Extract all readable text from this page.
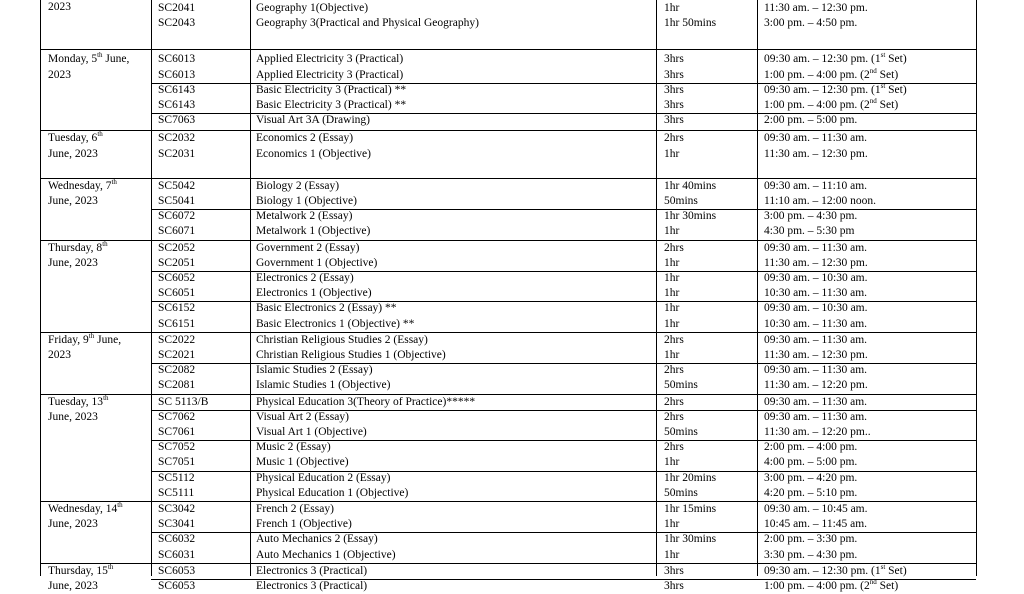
2023	SC2041	Geography 1(Objective)	1hr	11:30 am. – 12:30 pm.
SC2043	Geography 3(Practical and Physical Geography)	1hr 50mins	3:00 pm. – 4:50 pm.
Monday, 5th June,
2023
SC6013	Applied Electricity 3 (Practical)	3hrs	09:30 am. – 12:30 pm. (1st Set)
SC6013	Applied Electricity 3 (Practical)	3hrs	1:00 pm. – 4:00 pm. (2nd Set)
SC6143	Basic Electricity 3 (Practical) **	3hrs	09:30 am. – 12:30 pm. (1st Set)
SC6143	Basic Electricity 3 (Practical) **	3hrs	1:00 pm. – 4:00 pm. (2nd Set)
SC7063	Visual Art 3A (Drawing)	3hrs	2:00 pm. – 5:00 pm.
Tuesday, 6th
June, 2023
SC2032	Economics 2 (Essay)	2hrs	09:30 am. – 11:30 am.
SC2031	Economics 1 (Objective)	1hr	11:30 am. – 12:30 pm.
Wednesday, 7th
June, 2023
SC5042	Biology 2 (Essay)	1hr 40mins	09:30 am. – 11:10 am.
SC5041	Biology 1 (Objective)	50mins	11:10 am. – 12:00 noon.
SC6072	Metalwork 2 (Essay)	1hr 30mins	3:00 pm. – 4:30 pm.
SC6071	Metalwork 1 (Objective)	1hr	4:30 pm. – 5:30 pm
Thursday, 8th
June, 2023
SC2052	Government 2 (Essay)	2hrs	09:30 am. – 11:30 am.
SC2051	Government 1 (Objective)	1hr	11:30 am. – 12:30 pm.
SC6052	Electronics 2 (Essay)	1hr	09:30 am. – 10:30 am.
SC6051	Electronics 1 (Objective)	1hr	10:30 am. – 11:30 am.
SC6152	Basic Electronics 2 (Essay) **	1hr	09:30 am. – 10:30 am.
SC6151	Basic Electronics 1 (Objective) **	1hr	10:30 am. – 11:30 am.
Friday, 9th June,
2023
SC2022	Christian Religious Studies 2 (Essay)	2hrs	09:30 am. – 11:30 am.
SC2021	Christian Religious Studies 1 (Objective)	1hr	11:30 am. – 12:30 pm.
SC2082	Islamic Studies 2 (Essay)	2hrs	09:30 am. – 11:30 am.
SC2081	Islamic Studies 1 (Objective)	50mins	11:30 am. – 12:20 pm.
Tuesday, 13th
June, 2023
SC 5113/B	Physical Education 3(Theory of Practice)*****	2hrs	09:30 am. – 11:30 am.
SC7062	Visual Art 2 (Essay)	2hrs	09:30 am. – 11:30 am.
SC7061	Visual Art 1 (Objective)	50mins	11:30 am. – 12:20 pm..
SC7052	Music 2 (Essay)	2hrs	2:00 pm. – 4:00 pm.
SC7051	Music 1 (Objective)	1hr	4:00 pm. – 5:00 pm.
SC5112	Physical Education 2 (Essay)	1hr 20mins	3:00 pm. – 4:20 pm.
SC5111	Physical Education 1 (Objective)	50mins	4:20 pm. – 5:10 pm.
Wednesday, 14th
June, 2023
SC3042	French 2 (Essay)	1hr 15mins	09:30 am. – 10:45 am.
SC3041	French 1 (Objective)	1hr	10:45 am. – 11:45 am.
SC6032	Auto Mechanics 2 (Essay)	1hr 30mins	2:00 pm. – 3:30 pm.
SC6031	Auto Mechanics 1 (Objective)	1hr	3:30 pm. – 4:30 pm.
Thursday, 15th
June, 2023
SC6053	Electronics 3 (Practical)	3hrs	09:30 am. – 12:30 pm. (1st Set)
SC6053	Electronics 3 (Practical)	3hrs	1:00 pm. – 4:00 pm. (2nd Set)
